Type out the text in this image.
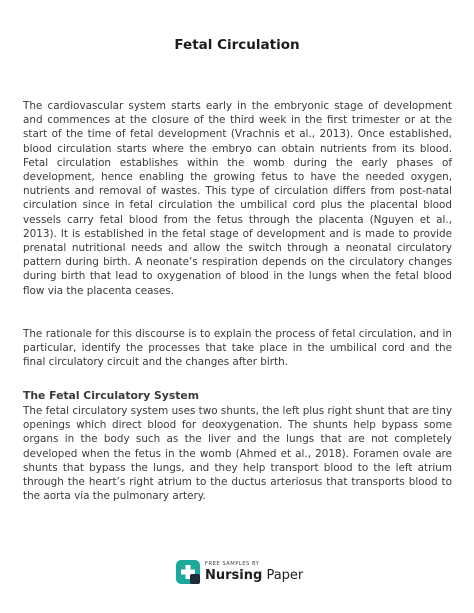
Fetal Circulation

The cardiovascular system starts early in the embryonic stage of development and commences at the closure of the third week in the first trimester or at the start of the time of fetal development (Vrachnis et al., 2013). Once established, blood circulation starts where the embryo can obtain nutrients from its blood. Fetal circulation establishes within the womb during the early phases of development, hence enabling the growing fetus to have the needed oxygen, nutrients and removal of wastes. This type of circulation differs from post-natal circulation since in fetal circulation the umbilical cord plus the placental blood vessels carry fetal blood from the fetus through the placenta (Nguyen et al., 2013). It is established in the fetal stage of development and is made to provide prenatal nutritional needs and allow the switch through a neonatal circulatory pattern during birth. A neonate’s respiration depends on the circulatory changes during birth that lead to oxygenation of blood in the lungs when the fetal blood flow via the placenta ceases.

The rationale for this discourse is to explain the process of fetal circulation, and in particular, identify the processes that take place in the umbilical cord and the final circulatory circuit and the changes after birth.

The Fetal Circulatory System

The fetal circulatory system uses two shunts, the left plus right shunt that are tiny openings which direct blood for deoxygenation. The shunts help bypass some organs in the body such as the liver and the lungs that are not completely developed when the fetus in the womb (Ahmed et al., 2018). Foramen ovale are shunts that bypass the lungs, and they help transport blood to the left atrium through the heart’s right atrium to the ductus arteriosus that transports blood to the aorta via the pulmonary artery.

FREE SAMPLES BY
Nursing Paper
